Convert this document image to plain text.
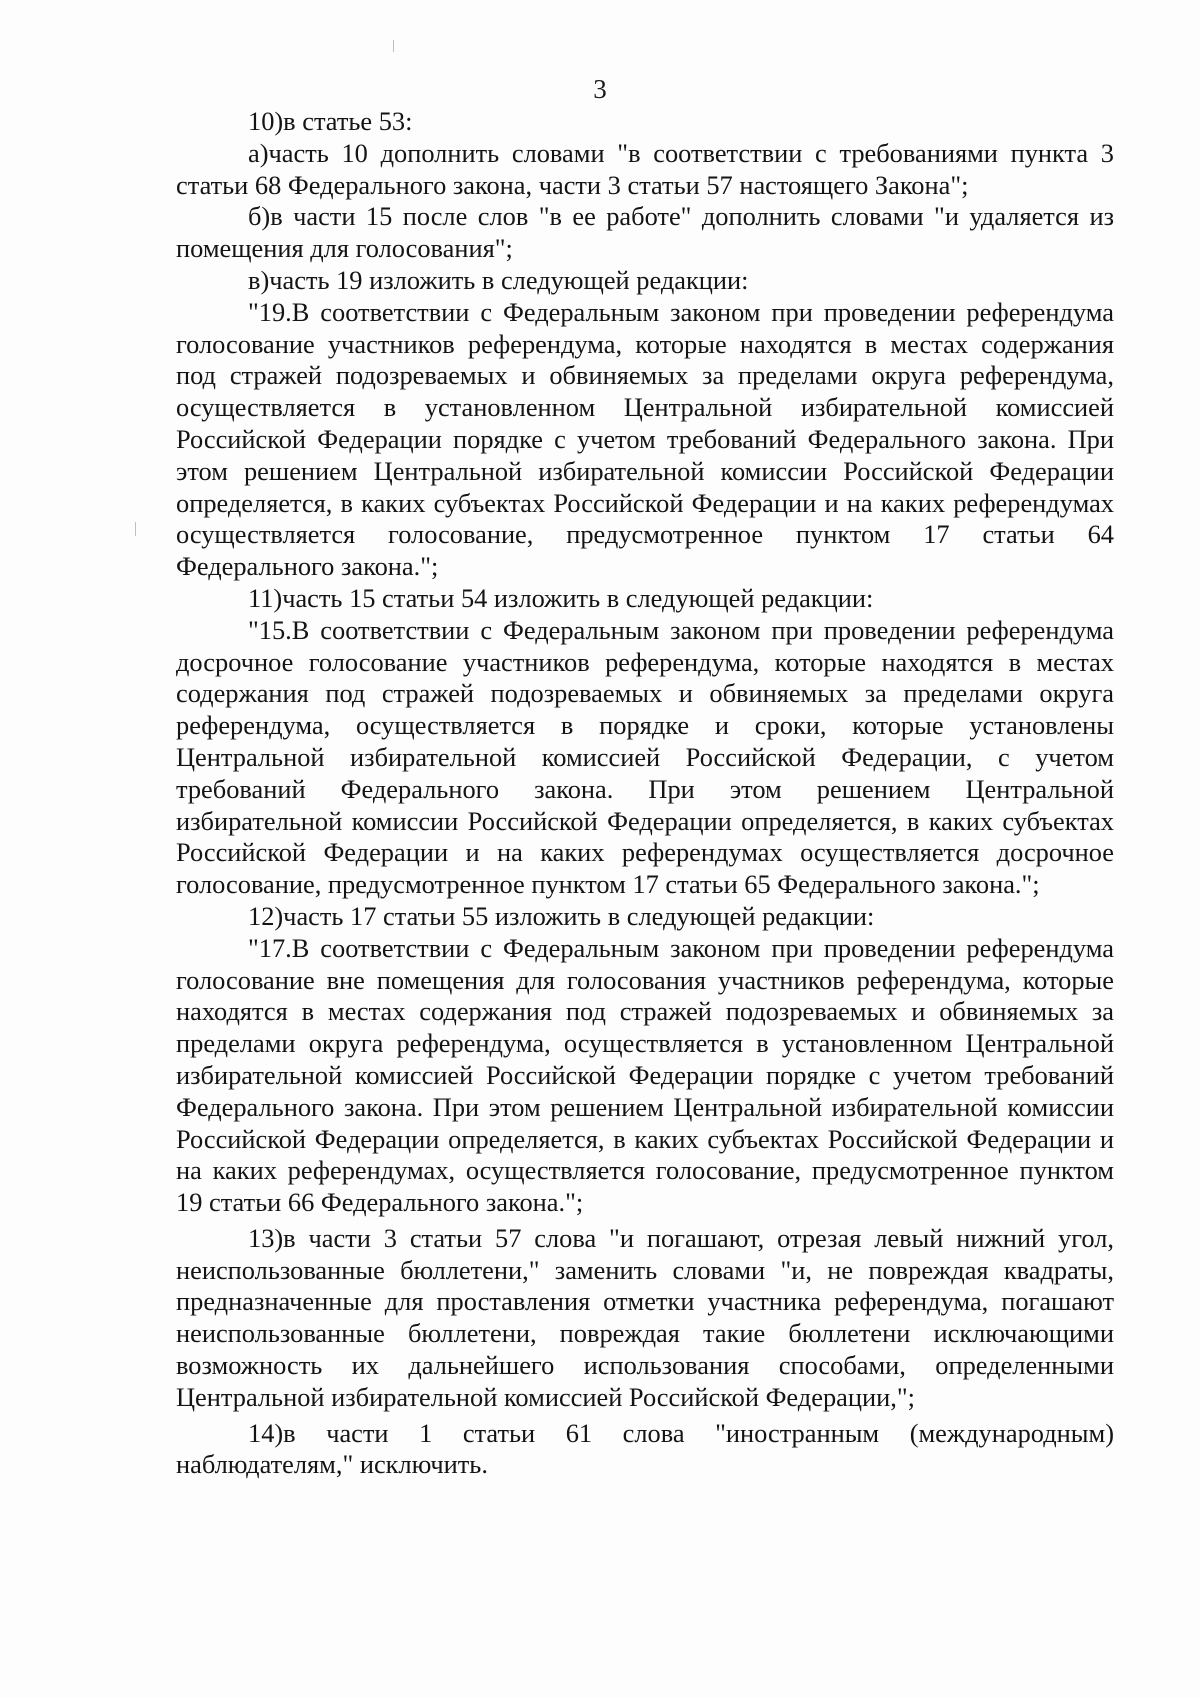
3

10)в статье 53:

а)часть 10 дополнить словами "в соответствии с требованиями пункта 3 статьи 68 Федерального закона, части 3 статьи 57 настоящего Закона";

б)в части 15 после слов "в ее работе" дополнить словами "и удаляется из помещения для голосования";

в)часть 19 изложить в следующей редакции:

"19.В соответствии с Федеральным законом при проведении референдума голосование участников референдума, которые находятся в местах содержания под стражей подозреваемых и обвиняемых за пределами округа референдума, осуществляется в установленном Центральной избирательной комиссией Российской Федерации порядке с учетом требований Федерального закона. При этом решением Центральной избирательной комиссии Российской Федерации определяется, в каких субъектах Российской Федерации и на каких референдумах осуществляется голосование, предусмотренное пунктом 17 статьи 64 Федерального закона.";

11)часть 15 статьи 54 изложить в следующей редакции:

"15.В соответствии с Федеральным законом при проведении референдума досрочное голосование участников референдума, которые находятся в местах содержания под стражей подозреваемых и обвиняемых за пределами округа референдума, осуществляется в порядке и сроки, которые установлены Центральной избирательной комиссией Российской Федерации, с учетом требований Федерального закона. При этом решением Центральной избирательной комиссии Российской Федерации определяется, в каких субъектах Российской Федерации и на каких референдумах осуществляется досрочное голосование, предусмотренное пунктом 17 статьи 65 Федерального закона.";

12)часть 17 статьи 55 изложить в следующей редакции:

"17.В соответствии с Федеральным законом при проведении референдума голосование вне помещения для голосования участников референдума, которые находятся в местах содержания под стражей подозреваемых и обвиняемых за пределами округа референдума, осуществляется в установленном Центральной избирательной комиссией Российской Федерации порядке с учетом требований Федерального закона. При этом решением Центральной избирательной комиссии Российской Федерации определяется, в каких субъектах Российской Федерации и на каких референдумах, осуществляется голосование, предусмотренное пунктом 19 статьи 66 Федерального закона.";

13)в части 3 статьи 57 слова "и погашают, отрезая левый нижний угол, неиспользованные бюллетени," заменить словами "и, не повреждая квадраты, предназначенные для проставления отметки участника референдума, погашают неиспользованные бюллетени, повреждая такие бюллетени исключающими возможность их дальнейшего использования способами, определенными Центральной избирательной комиссией Российской Федерации,";

14)в части 1 статьи 61 слова "иностранным (международным) наблюдателям," исключить.
